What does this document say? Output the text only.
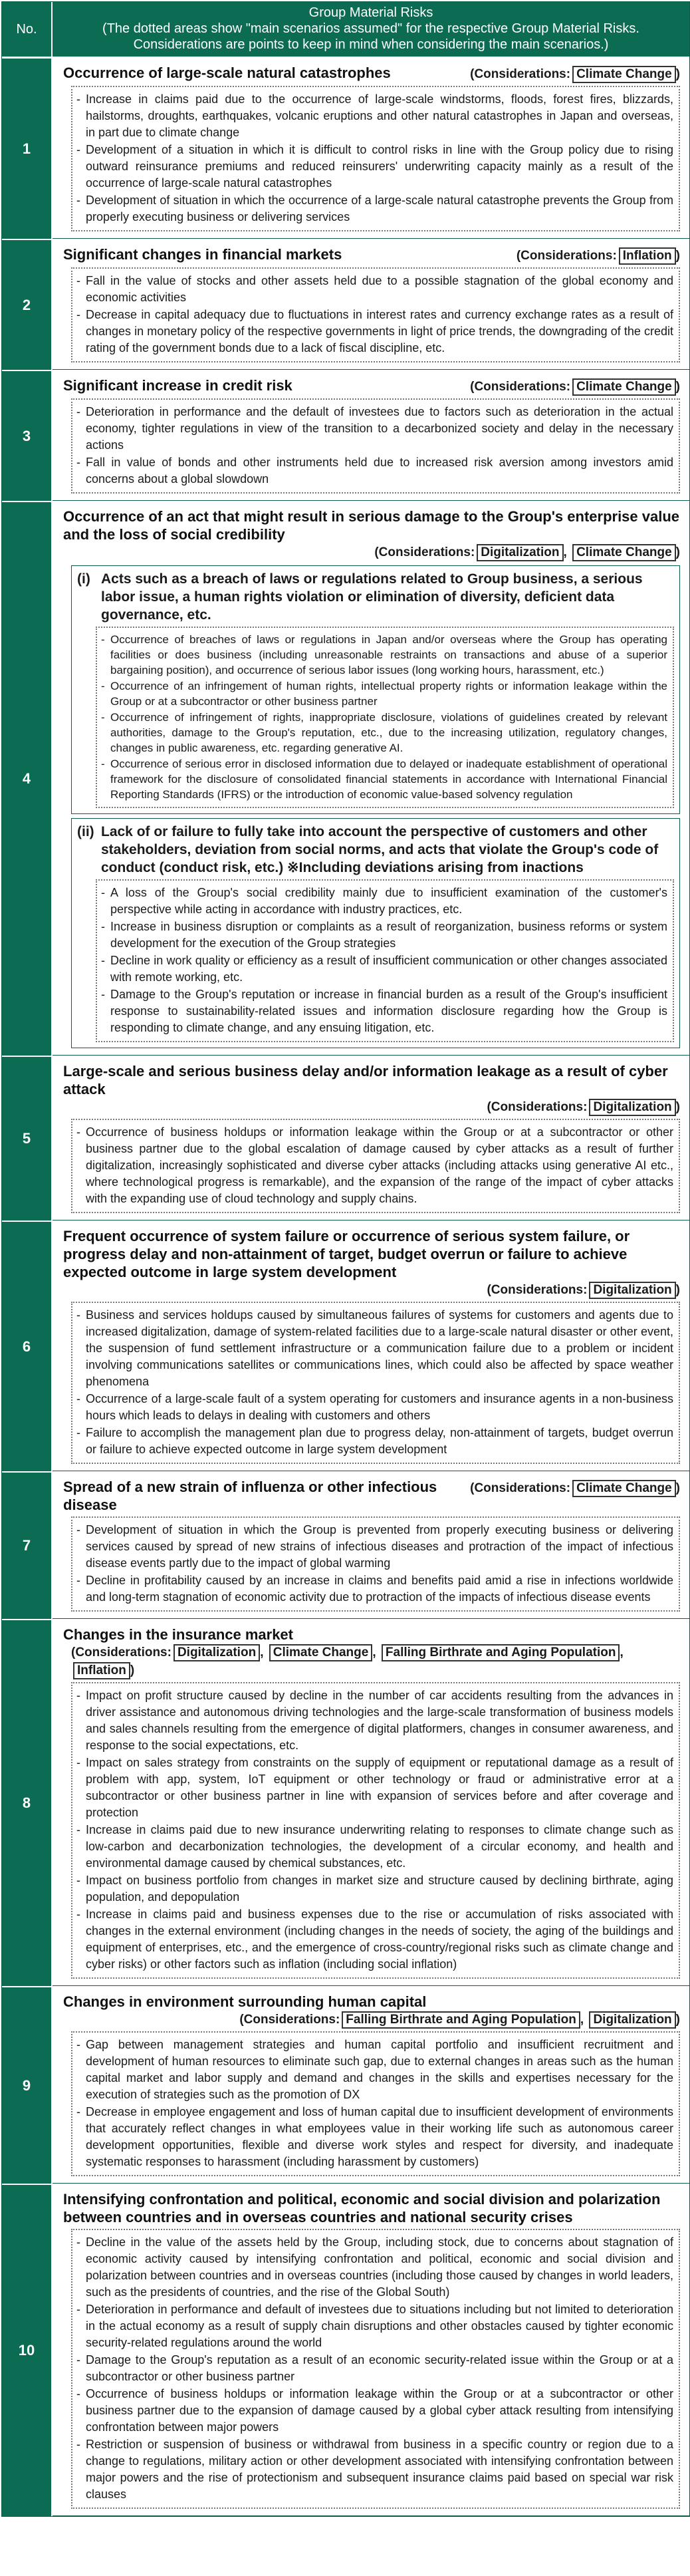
No.
Group Material Risks
(The dotted areas show "main scenarios assumed" for the respective Group Material Risks.
Considerations are points to keep in mind when considering the main scenarios.)
1
Occurrence of large-scale natural catastrophes	(Considerations: Climate Change )
- Increase in claims paid due to the occurrence of large-scale windstorms, floods, forest fires, blizzards, hailstorms, droughts, earthquakes, volcanic eruptions and other natural catastrophes in Japan and overseas, in part due to climate change
- Development of a situation in which it is difficult to control risks in line with the Group policy due to rising outward reinsurance premiums and reduced reinsurers' underwriting capacity mainly as a result of the occurrence of large-scale natural catastrophes
- Development of situation in which the occurrence of a large-scale natural catastrophe prevents the Group from properly executing business or delivering services
2
Significant changes in financial markets	(Considerations: Inflation )
- Fall in the value of stocks and other assets held due to a possible stagnation of the global economy and economic activities
- Decrease in capital adequacy due to fluctuations in interest rates and currency exchange rates as a result of changes in monetary policy of the respective governments in light of price trends, the downgrading of the credit rating of the government bonds due to a lack of fiscal discipline, etc.
3
Significant increase in credit risk	(Considerations: Climate Change )
- Deterioration in performance and the default of investees due to factors such as deterioration in the actual economy, tighter regulations in view of the transition to a decarbonized society and delay in the necessary actions
- Fall in value of bonds and other instruments held due to increased risk aversion among investors amid concerns about a global slowdown
4
Occurrence of an act that might result in serious damage to the Group's enterprise value and the loss of social credibility
(Considerations: Digitalization , Climate Change )
(i) Acts such as a breach of laws or regulations related to Group business, a serious labor issue, a human rights violation or elimination of diversity, deficient data governance, etc.
- Occurrence of breaches of laws or regulations in Japan and/or overseas where the Group has operating facilities or does business (including unreasonable restraints on transactions and abuse of a superior bargaining position), and occurrence of serious labor issues (long working hours, harassment, etc.)
- Occurrence of an infringement of human rights, intellectual property rights or information leakage within the Group or at a subcontractor or other business partner
- Occurrence of infringement of rights, inappropriate disclosure, violations of guidelines created by relevant authorities, damage to the Group's reputation, etc., due to the increasing utilization, regulatory changes, changes in public awareness, etc. regarding generative AI.
- Occurrence of serious error in disclosed information due to delayed or inadequate establishment of operational framework for the disclosure of consolidated financial statements in accordance with International Financial Reporting Standards (IFRS) or the introduction of economic value-based solvency regulation
(ii) Lack of or failure to fully take into account the perspective of customers and other stakeholders, deviation from social norms, and acts that violate the Group's code of conduct (conduct risk, etc.) ※Including deviations arising from inactions
- A loss of the Group's social credibility mainly due to insufficient examination of the customer's perspective while acting in accordance with industry practices, etc.
- Increase in business disruption or complaints as a result of reorganization, business reforms or system development for the execution of the Group strategies
- Decline in work quality or efficiency as a result of insufficient communication or other changes associated with remote working, etc.
- Damage to the Group's reputation or increase in financial burden as a result of the Group's insufficient response to sustainability-related issues and information disclosure regarding how the Group is responding to climate change, and any ensuing litigation, etc.
5
Large-scale and serious business delay and/or information leakage as a result of cyber attack
(Considerations: Digitalization )
- Occurrence of business holdups or information leakage within the Group or at a subcontractor or other business partner due to the global escalation of damage caused by cyber attacks as a result of further digitalization, increasingly sophisticated and diverse cyber attacks (including attacks using generative AI etc., where technological progress is remarkable), and the expansion of the range of the impact of cyber attacks with the expanding use of cloud technology and supply chains.
6
Frequent occurrence of system failure or occurrence of serious system failure, or progress delay and non-attainment of target, budget overrun or failure to achieve expected outcome in large system development
(Considerations: Digitalization )
- Business and services holdups caused by simultaneous failures of systems for customers and agents due to increased digitalization, damage of system-related facilities due to a large-scale natural disaster or other event, the suspension of fund settlement infrastructure or a communication failure due to a problem or incident involving communications satellites or communications lines, which could also be affected by space weather phenomena
- Occurrence of a large-scale fault of a system operating for customers and insurance agents in a non-business hours which leads to delays in dealing with customers and others
- Failure to accomplish the management plan due to progress delay, non-attainment of targets, budget overrun or failure to achieve expected outcome in large system development
7
Spread of a new strain of influenza or other infectious disease
(Considerations: Climate Change )
- Development of situation in which the Group is prevented from properly executing business or delivering services caused by spread of new strains of infectious diseases and protraction of the impact of infectious disease events partly due to the impact of global warming
- Decline in profitability caused by an increase in claims and benefits paid amid a rise in infections worldwide and long-term stagnation of economic activity due to protraction of the impacts of infectious disease events
8
Changes in the insurance market
(Considerations: Digitalization , Climate Change , Falling Birthrate and Aging Population , Inflation )
- Impact on profit structure caused by decline in the number of car accidents resulting from the advances in driver assistance and autonomous driving technologies and the large-scale transformation of business models and sales channels resulting from the emergence of digital platformers, changes in consumer awareness, and response to the social expectations, etc.
- Impact on sales strategy from constraints on the supply of equipment or reputational damage as a result of problem with app, system, IoT equipment or other technology or fraud or administrative error at a subcontractor or other business partner in line with expansion of services before and after coverage and protection
- Increase in claims paid due to new insurance underwriting relating to responses to climate change such as low-carbon and decarbonization technologies, the development of a circular economy, and health and environmental damage caused by chemical substances, etc.
- Impact on business portfolio from changes in market size and structure caused by declining birthrate, aging population, and depopulation
- Increase in claims paid and business expenses due to the rise or accumulation of risks associated with changes in the external environment (including changes in the needs of society, the aging of the buildings and equipment of enterprises, etc., and the emergence of cross-country/regional risks such as climate change and cyber risks) or other factors such as inflation (including social inflation)
9
Changes in environment surrounding human capital
(Considerations: Falling Birthrate and Aging Population , Digitalization )
- Gap between management strategies and human capital portfolio and insufficient recruitment and development of human resources to eliminate such gap, due to external changes in areas such as the human capital market and labor supply and demand and changes in the skills and expertises necessary for the execution of strategies such as the promotion of DX
- Decrease in employee engagement and loss of human capital due to insufficient development of environments that accurately reflect changes in what employees value in their working life such as autonomous career development opportunities, flexible and diverse work styles and respect for diversity, and inadequate systematic responses to harassment (including harassment by customers)
10
Intensifying confrontation and political, economic and social division and polarization between countries and in overseas countries and national security crises
- Decline in the value of the assets held by the Group, including stock, due to concerns about stagnation of economic activity caused by intensifying confrontation and political, economic and social division and polarization between countries and in overseas countries (including those caused by changes in world leaders, such as the presidents of countries, and the rise of the Global South)
- Deterioration in performance and default of investees due to situations including but not limited to deterioration in the actual economy as a result of supply chain disruptions and other obstacles caused by tighter economic security-related regulations around the world
- Damage to the Group's reputation as a result of an economic security-related issue within the Group or at a subcontractor or other business partner
- Occurrence of business holdups or information leakage within the Group or at a subcontractor or other business partner due to the expansion of damage caused by a global cyber attack resulting from intensifying confrontation between major powers
- Restriction or suspension of business or withdrawal from business in a specific country or region due to a change to regulations, military action or other development associated with intensifying confrontation between major powers and the rise of protectionism and subsequent insurance claims paid based on special war risk clauses
